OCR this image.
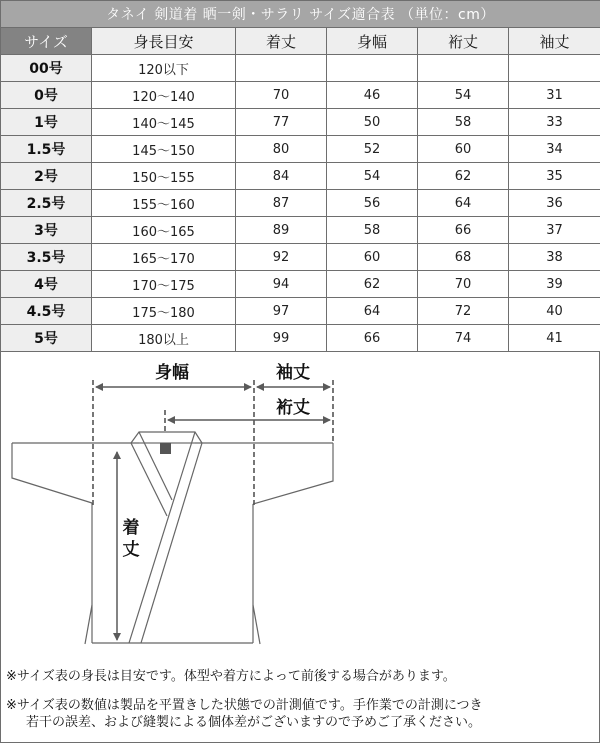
タネイ 剣道着 晒一剣・サラリ サイズ適合表 （単位：cm）					
サイズ	身長目安	着丈	身幅	裄丈	袖丈
00号	120以下				
0号	120〜140	70	46	54	31
1号	140〜145	77	50	58	33
1.5号	145〜150	80	52	60	34
2号	150〜155	84	54	62	35
2.5号	155〜160	87	56	64	36
3号	160〜165	89	58	66	37
3.5号	165〜170	92	60	68	38
4号	170〜175	94	62	70	39
4.5号	175〜180	97	64	72	40
5号	180以上	99	66	74	41
身幅	袖丈
裄丈
着
丈

※サイズ表の身長は目安です。体型や着方によって前後する場合があります。

※サイズ表の数値は製品を平置きした状態での計測値です。手作業での計測につき
若干の誤差、および縫製による個体差がございますので予めご了承ください。
